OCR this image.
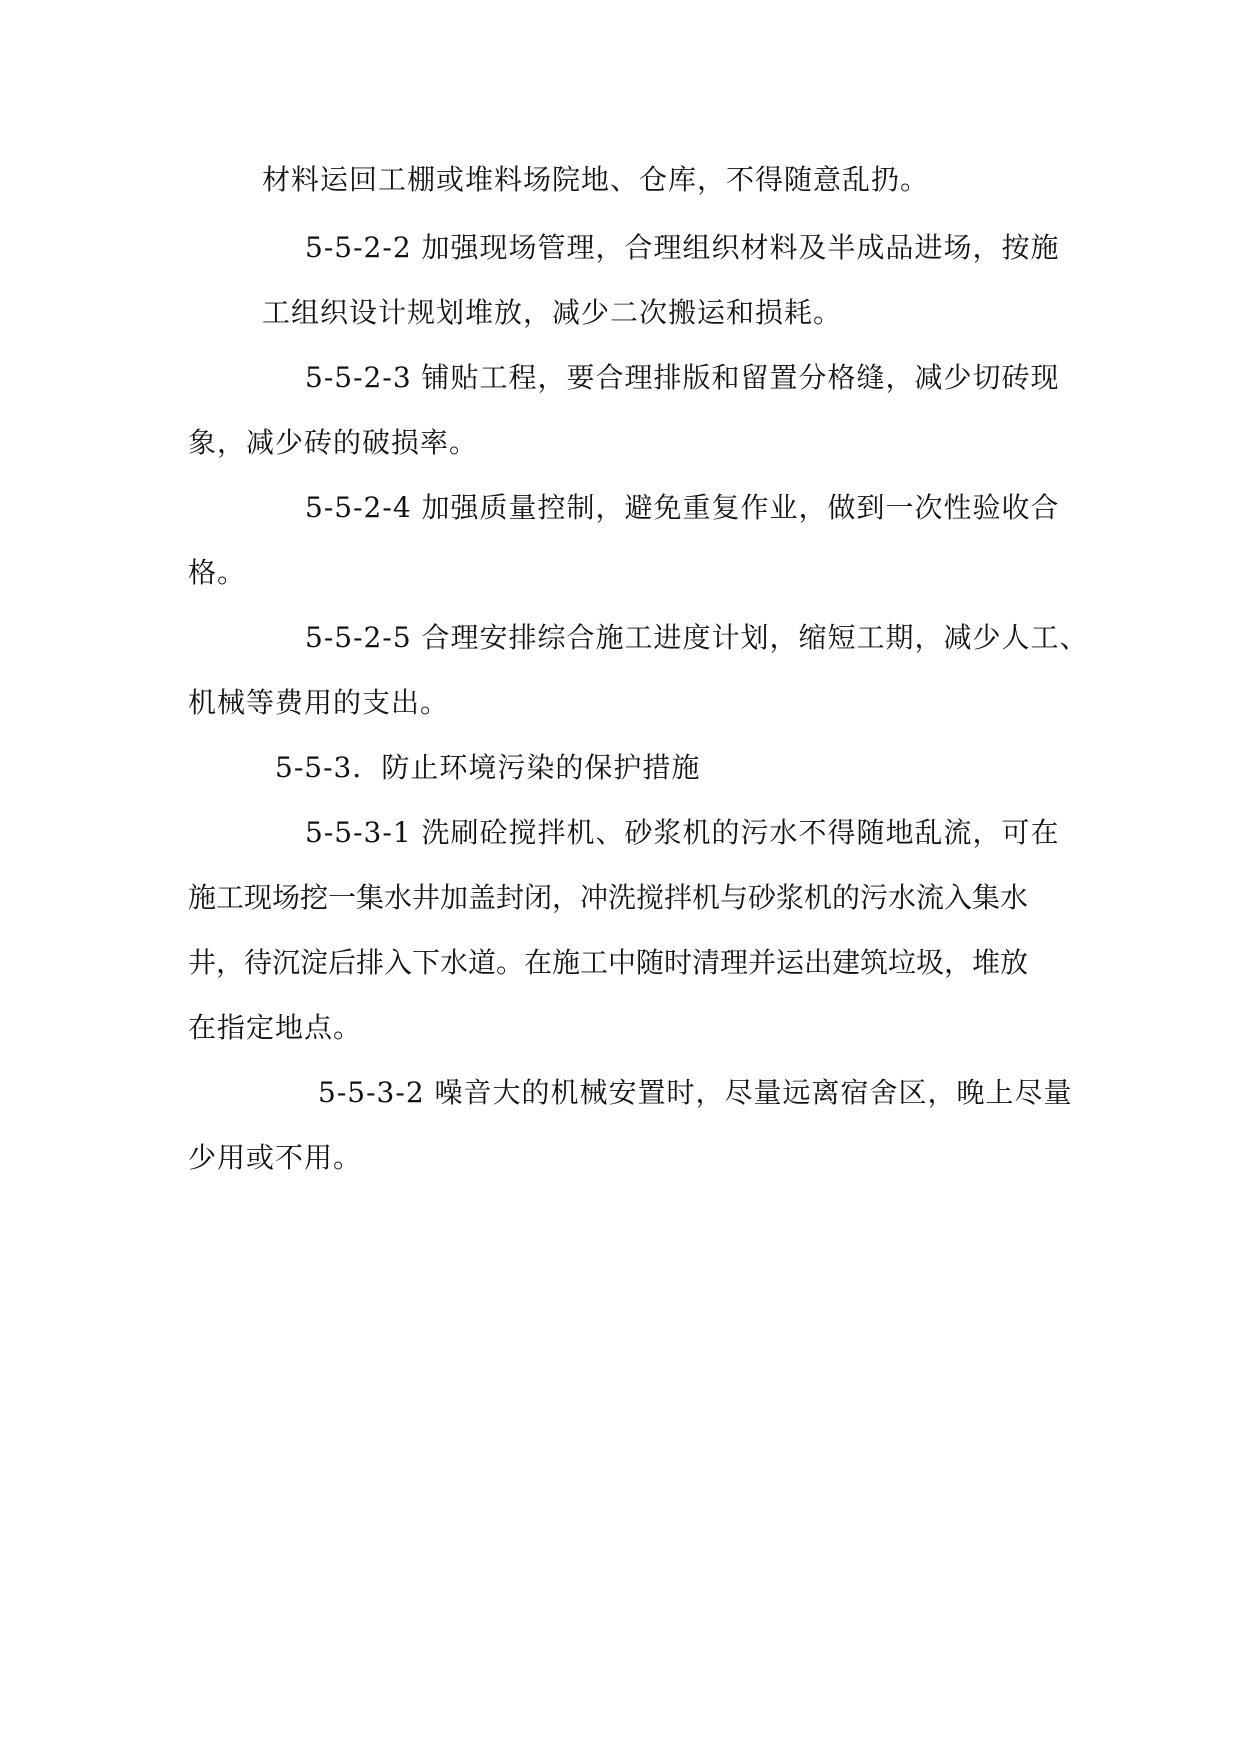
材料运回工棚或堆料场院地、仓库，不得随意乱扔。
5-5-2-2 加强现场管理，合理组织材料及半成品进场，按施
工组织设计规划堆放，减少二次搬运和损耗。
5-5-2-3 铺贴工程，要合理排版和留置分格缝，减少切砖现
象，减少砖的破损率。
5-5-2-4 加强质量控制，避免重复作业，做到一次性验收合
格。
5-5-2-5 合理安排综合施工进度计划，缩短工期，减少人工、
机械等费用的支出。
5-5-3．防止环境污染的保护措施
5-5-3-1 洗刷砼搅拌机、砂浆机的污水不得随地乱流，可在
施工现场挖一集水井加盖封闭，冲洗搅拌机与砂浆机的污水流入集水
井，待沉淀后排入下水道。在施工中随时清理并运出建筑垃圾，堆放
在指定地点。
5-5-3-2 噪音大的机械安置时，尽量远离宿舍区，晚上尽量
少用或不用。
